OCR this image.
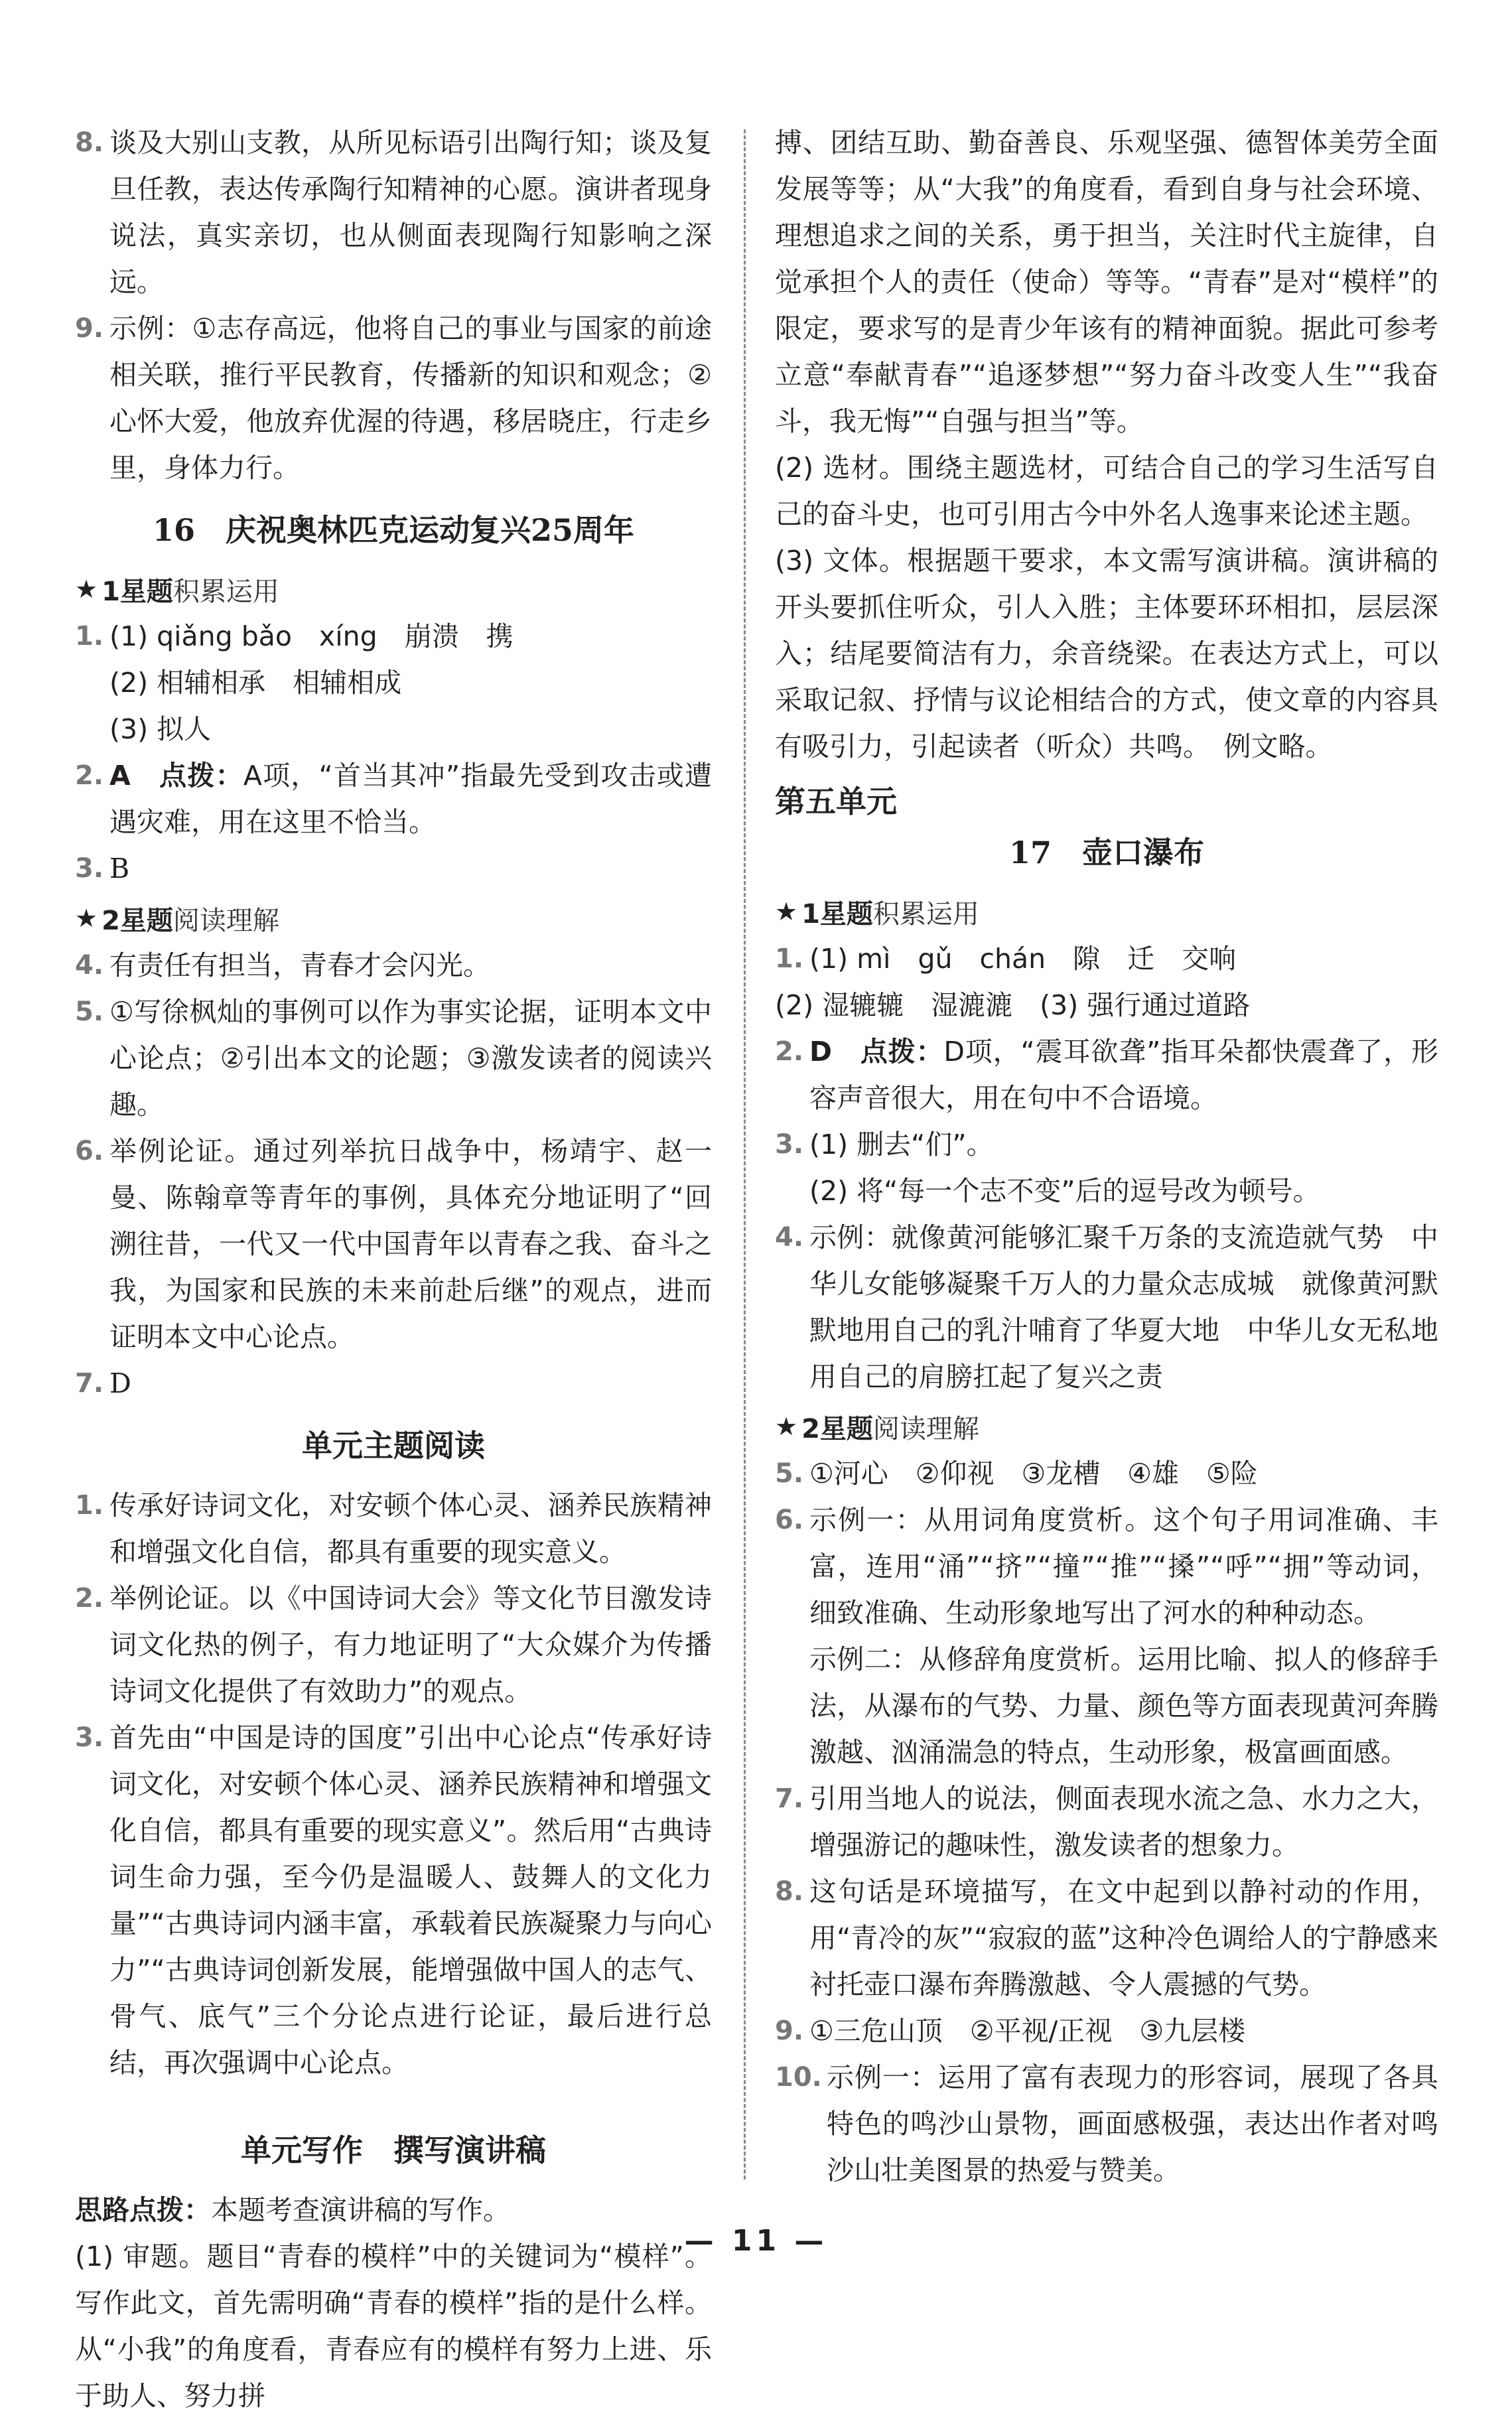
8. 谈及大别山支教，从所见标语引出陶行知；谈及复旦任教，表达传承陶行知精神的心愿。演讲者现身说法，真实亲切，也从侧面表现陶行知影响之深远。
9. 示例：①志存高远，他将自己的事业与国家的前途相关联，推行平民教育，传播新的知识和观念；②心怀大爱，他放弃优渥的待遇，移居晓庄，行走乡里，身体力行。
16　庆祝奥林匹克运动复兴25周年
★ 1星题 积累运用
1. (1) qiǎng bǎo　xíng　崩溃　携
(2) 相辅相承　相辅相成
(3) 拟人
2. A　点拨：A项，“首当其冲”指最先受到攻击或遭遇灾难，用在这里不恰当。
3. B
★ 2星题 阅读理解
4. 有责任有担当，青春才会闪光。
5. ①写徐枫灿的事例可以作为事实论据，证明本文中心论点；②引出本文的论题；③激发读者的阅读兴趣。
6. 举例论证。通过列举抗日战争中，杨靖宇、赵一曼、陈翰章等青年的事例，具体充分地证明了“回溯往昔，一代又一代中国青年以青春之我、奋斗之我，为国家和民族的未来前赴后继”的观点，进而证明本文中心论点。
7. D
单元主题阅读
1. 传承好诗词文化，对安顿个体心灵、涵养民族精神和增强文化自信，都具有重要的现实意义。
2. 举例论证。以《中国诗词大会》等文化节目激发诗词文化热的例子，有力地证明了“大众媒介为传播诗词文化提供了有效助力”的观点。
3. 首先由“中国是诗的国度”引出中心论点“传承好诗词文化，对安顿个体心灵、涵养民族精神和增强文化自信，都具有重要的现实意义”。然后用“古典诗词生命力强，至今仍是温暖人、鼓舞人的文化力量”“古典诗词内涵丰富，承载着民族凝聚力与向心力”“古典诗词创新发展，能增强做中国人的志气、骨气、底气”三个分论点进行论证，最后进行总结，再次强调中心论点。
单元写作　撰写演讲稿
思路点拨：本题考查演讲稿的写作。
(1) 审题。题目“青春的模样”中的关键词为“模样”。写作此文，首先需明确“青春的模样”指的是什么样。从“小我”的角度看，青春应有的模样有努力上进、乐于助人、努力拼
搏、团结互助、勤奋善良、乐观坚强、德智体美劳全面发展等等；从“大我”的角度看，看到自身与社会环境、理想追求之间的关系，勇于担当，关注时代主旋律，自觉承担个人的责任（使命）等等。“青春”是对“模样”的限定，要求写的是青少年该有的精神面貌。据此可参考立意“奉献青春”“追逐梦想”“努力奋斗改变人生”“我奋斗，我无悔”“自强与担当”等。
(2) 选材。围绕主题选材，可结合自己的学习生活写自己的奋斗史，也可引用古今中外名人逸事来论述主题。
(3) 文体。根据题干要求，本文需写演讲稿。演讲稿的开头要抓住听众，引人入胜；主体要环环相扣，层层深入；结尾要简洁有力，余音绕梁。在表达方式上，可以采取记叙、抒情与议论相结合的方式，使文章的内容具有吸引力，引起读者（听众）共鸣。　例文略。
第五单元
17　壶口瀑布
★ 1星题 积累运用
1. (1) mì　gǔ　chán　隙　迁　交响
(2) 湿辘辘　湿漉漉　(3) 强行通过道路
2. D　点拨：D项，“震耳欲聋”指耳朵都快震聋了，形容声音很大，用在句中不合语境。
3. (1) 删去“们”。
(2) 将“每一个志不变”后的逗号改为顿号。
4. 示例：就像黄河能够汇聚千万条的支流造就气势　中华儿女能够凝聚千万人的力量众志成城　就像黄河默默地用自己的乳汁哺育了华夏大地　中华儿女无私地用自己的肩膀扛起了复兴之责
★ 2星题 阅读理解
5. ①河心　②仰视　③龙槽　④雄　⑤险
6. 示例一：从用词角度赏析。这个句子用词准确、丰富，连用“涌”“挤”“撞”“推”“搡”“呼”“拥”等动词，细致准确、生动形象地写出了河水的种种动态。
示例二：从修辞角度赏析。运用比喻、拟人的修辞手法，从瀑布的气势、力量、颜色等方面表现黄河奔腾激越、汹涌湍急的特点，生动形象，极富画面感。
7. 引用当地人的说法，侧面表现水流之急、水力之大，增强游记的趣味性，激发读者的想象力。
8. 这句话是环境描写，在文中起到以静衬动的作用，用“青冷的灰”“寂寂的蓝”这种冷色调给人的宁静感来衬托壶口瀑布奔腾激越、令人震撼的气势。
9. ①三危山顶　②平视/正视　③九层楼
10. 示例一：运用了富有表现力的形容词，展现了各具特色的鸣沙山景物，画面感极强，表达出作者对鸣沙山壮美图景的热爱与赞美。
— 11 —
